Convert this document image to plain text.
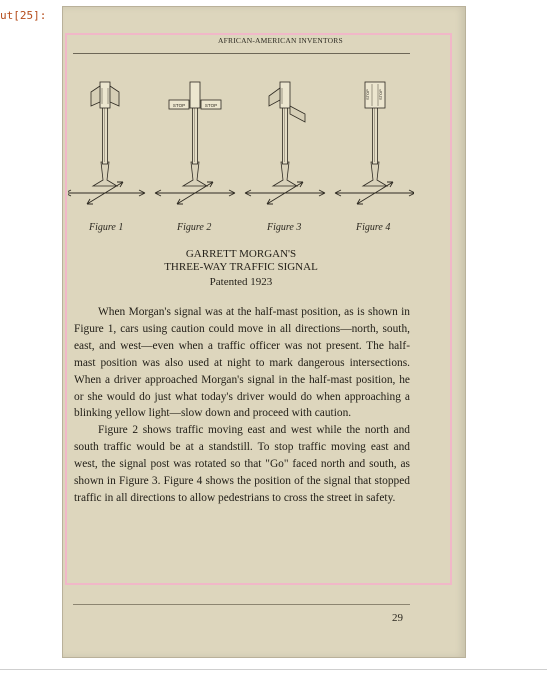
ut[25]:
AFRICAN-AMERICAN INVENTORS
STOP	STOP
STOP STOP
Figure 1	Figure 2	Figure 3	Figure 4
GARRETT MORGAN'S
THREE-WAY TRAFFIC SIGNAL
Patented 1923

When Morgan's signal was at the half-mast position, as is shown in Figure 1, cars using caution could move in all directions—north, south, east, and west—even when a traffic officer was not present. The half-mast position was also used at night to mark dangerous intersections. When a driver approached Morgan's signal in the half-mast position, he or she would do just what today's driver would do when approaching a blinking yellow light—slow down and proceed with caution.

Figure 2 shows traffic moving east and west while the north and south traffic would be at a standstill. To stop traffic moving east and west, the signal post was rotated so that "Go" faced north and south, as shown in Figure 3. Figure 4 shows the position of the signal that stopped traffic in all directions to allow pedestrians to cross the street in safety.

29
